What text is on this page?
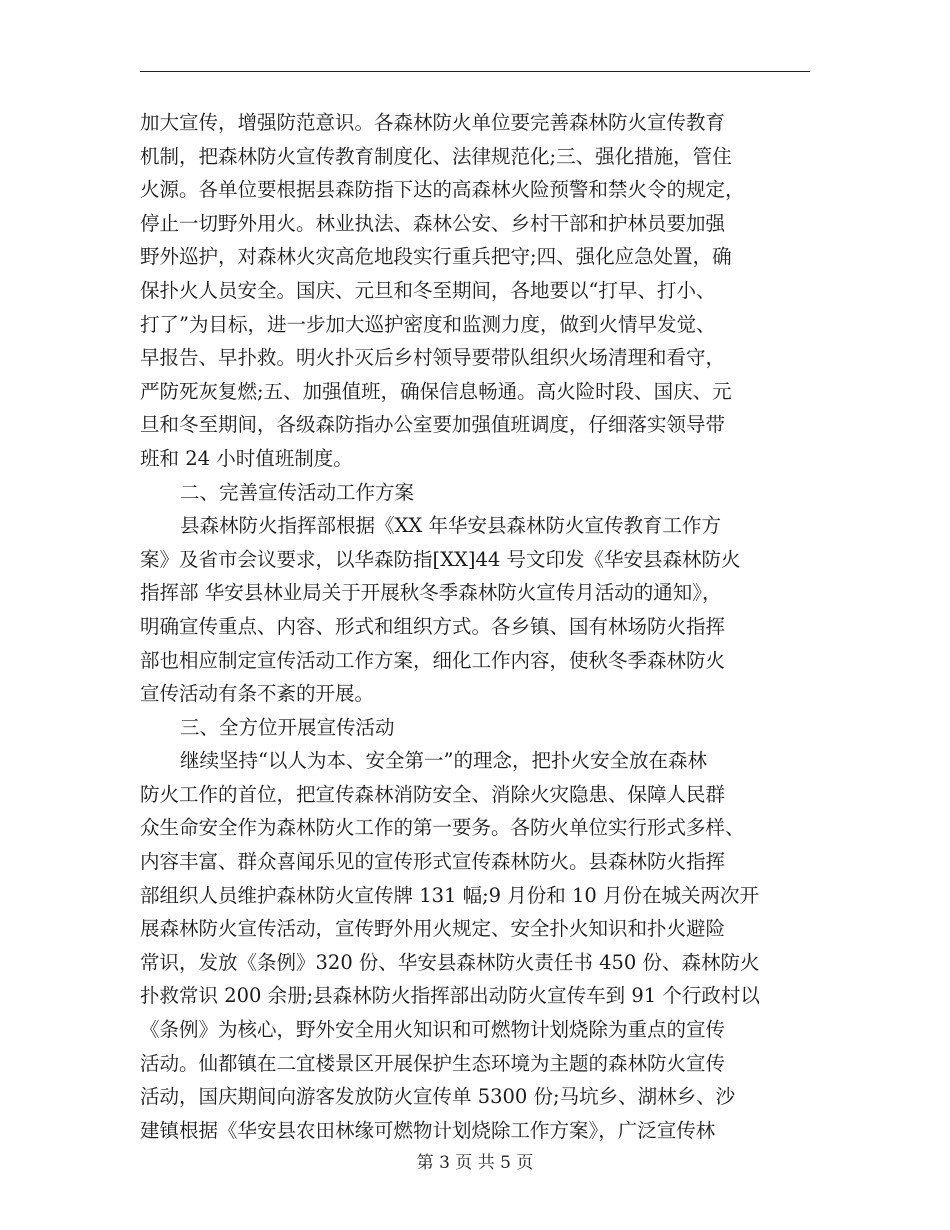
加大宣传，增强防范意识。各森林防火单位要完善森林防火宣传教育
机制，把森林防火宣传教育制度化、法律规范化;三、强化措施，管住
火源。各单位要根据县森防指下达的高森林火险预警和禁火令的规定，
停止一切野外用火。林业执法、森林公安、乡村干部和护林员要加强
野外巡护，对森林火灾高危地段实行重兵把守;四、强化应急处置，确
保扑火人员安全。国庆、元旦和冬至期间，各地要以“打早、打小、
打了”为目标，进一步加大巡护密度和监测力度，做到火情早发觉、
早报告、早扑救。明火扑灭后乡村领导要带队组织火场清理和看守，
严防死灰复燃;五、加强值班，确保信息畅通。高火险时段、国庆、元
旦和冬至期间，各级森防指办公室要加强值班调度，仔细落实领导带
班和 24 小时值班制度。
二、完善宣传活动工作方案
县森林防火指挥部根据《XX 年华安县森林防火宣传教育工作方
案》及省市会议要求，以华森防指[XX]44 号文印发《华安县森林防火
指挥部 华安县林业局关于开展秋冬季森林防火宣传月活动的通知》，
明确宣传重点、内容、形式和组织方式。各乡镇、国有林场防火指挥
部也相应制定宣传活动工作方案，细化工作内容，使秋冬季森林防火
宣传活动有条不紊的开展。
三、全方位开展宣传活动
继续坚持“以人为本、安全第一”的理念，把扑火安全放在森林
防火工作的首位，把宣传森林消防安全、消除火灾隐患、保障人民群
众生命安全作为森林防火工作的第一要务。各防火单位实行形式多样、
内容丰富、群众喜闻乐见的宣传形式宣传森林防火。县森林防火指挥
部组织人员维护森林防火宣传牌 131 幅;9 月份和 10 月份在城关两次开
展森林防火宣传活动，宣传野外用火规定、安全扑火知识和扑火避险
常识，发放《条例》320 份、华安县森林防火责任书 450 份、森林防火
扑救常识 200 余册;县森林防火指挥部出动防火宣传车到 91 个行政村以
《条例》为核心，野外安全用火知识和可燃物计划烧除为重点的宣传
活动。仙都镇在二宜楼景区开展保护生态环境为主题的森林防火宣传
活动，国庆期间向游客发放防火宣传单 5300 份;马坑乡、湖林乡、沙
建镇根据《华安县农田林缘可燃物计划烧除工作方案》，广泛宣传林
第 3 页 共 5 页
